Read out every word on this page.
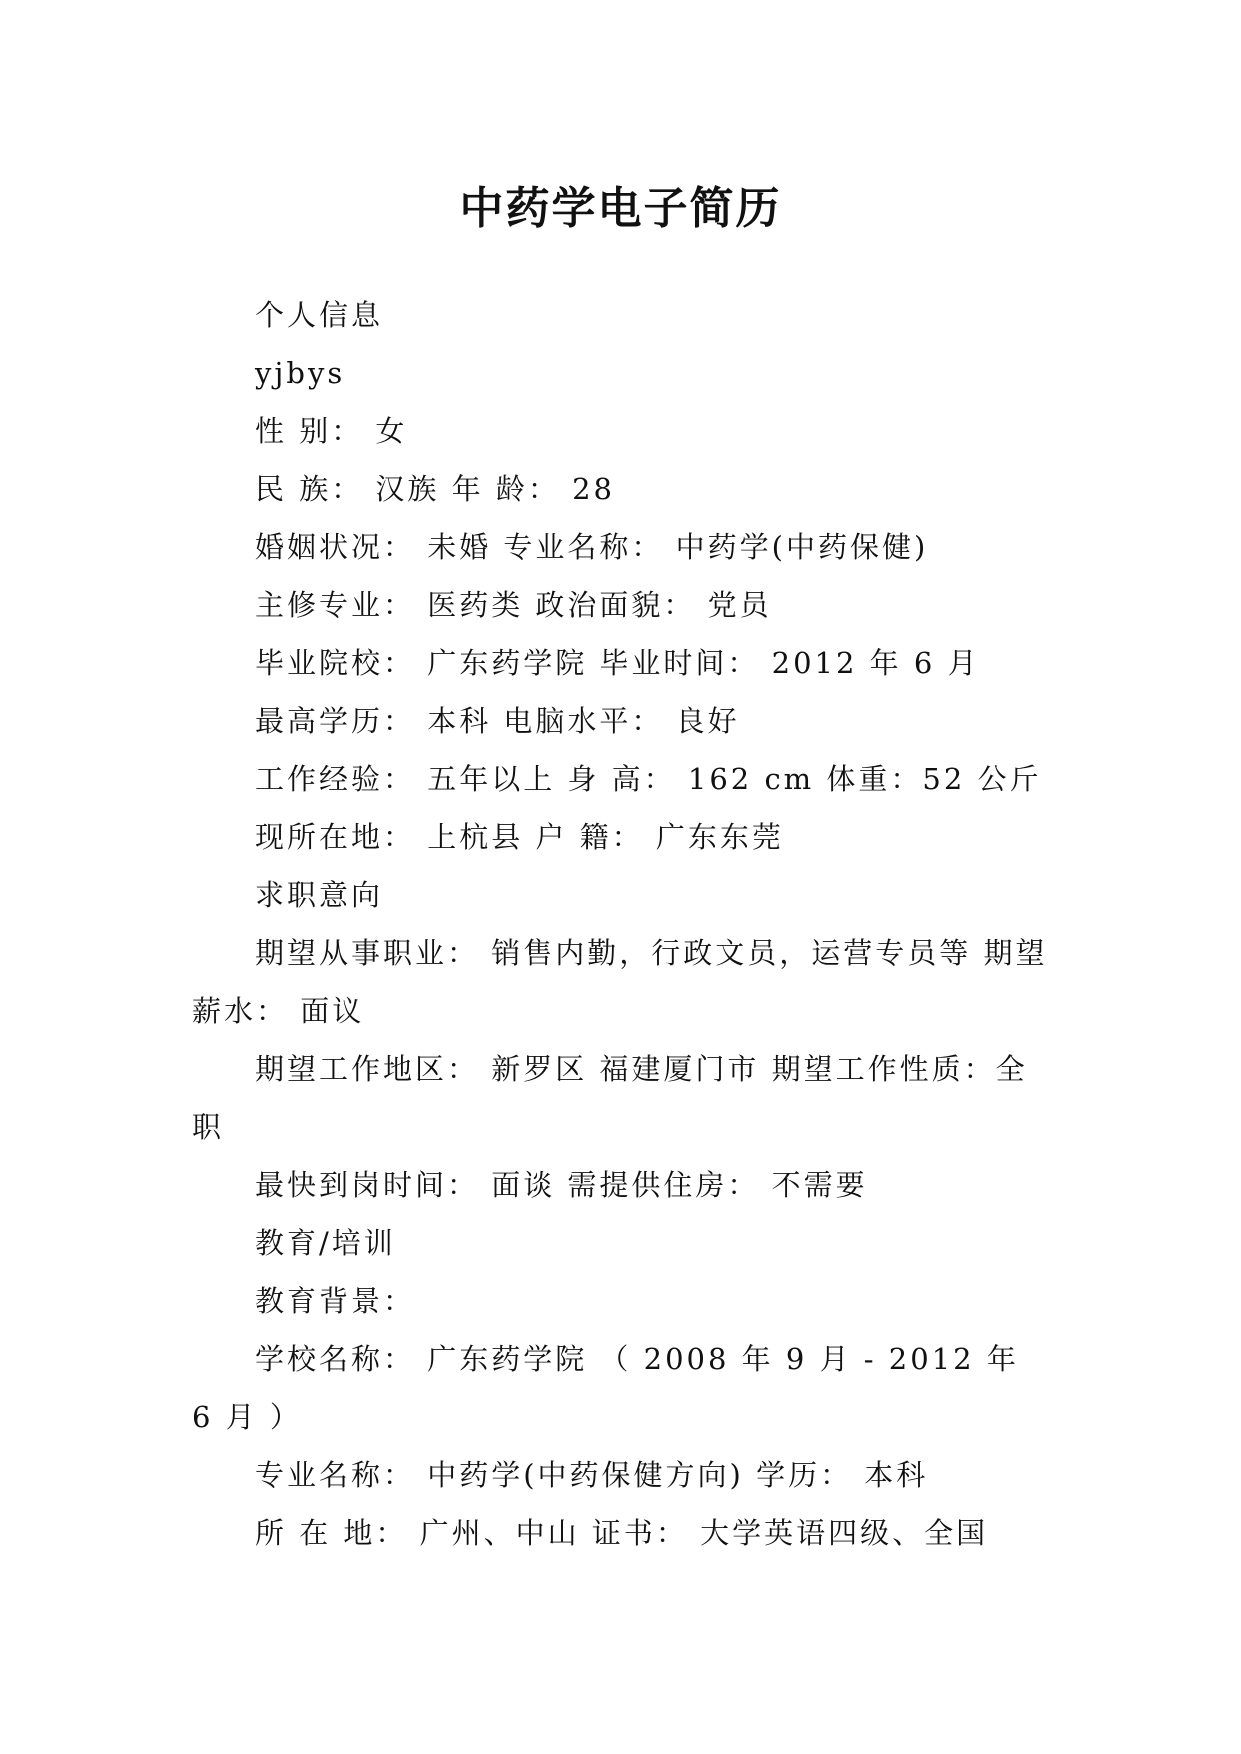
中药学电子简历

个人信息

yjbys

性 别： 女

民 族： 汉族 年 龄： 28

婚姻状况： 未婚 专业名称： 中药学(中药保健)

主修专业： 医药类 政治面貌： 党员

毕业院校： 广东药学院 毕业时间： 2012 年 6 月

最高学历： 本科 电脑水平： 良好

工作经验： 五年以上 身 高： 162 cm 体重：52 公斤

现所在地： 上杭县 户 籍： 广东东莞

求职意向

期望从事职业： 销售内勤，行政文员，运营专员等 期望薪水： 面议

期望工作地区： 新罗区 福建厦门市 期望工作性质：全职

最快到岗时间： 面谈 需提供住房： 不需要

教育/培训

教育背景：

学校名称： 广东药学院 （ 2008 年 9 月 - 2012 年 6 月 ）

专业名称： 中药学(中药保健方向) 学历： 本科

所 在 地： 广州、中山 证书： 大学英语四级、全国
